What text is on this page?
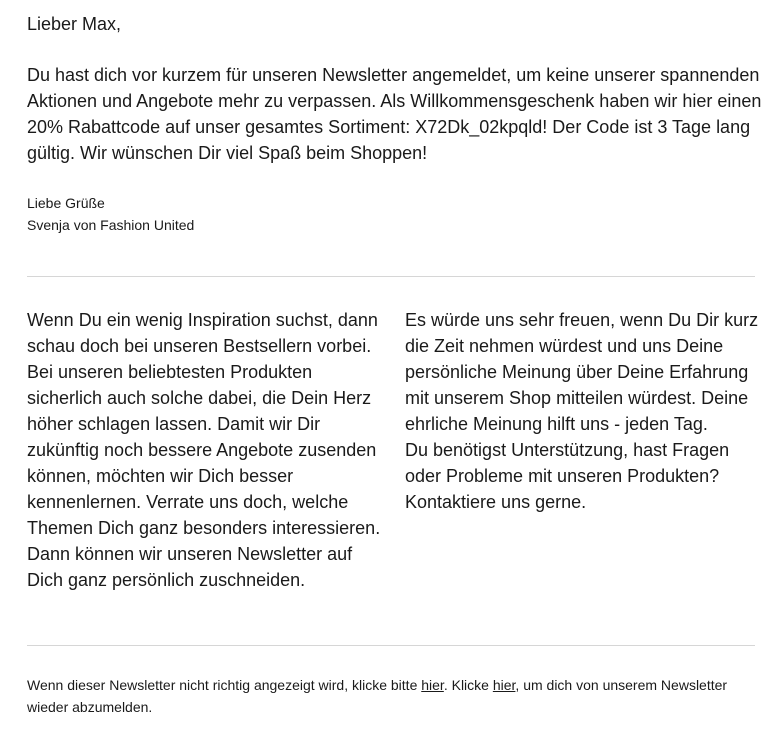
Lieber Max,

Du hast dich vor kurzem für unseren Newsletter angemeldet, um keine unserer spannenden Aktionen und Angebote mehr zu verpassen. Als Willkommensgeschenk haben wir hier einen 20% Rabattcode auf unser gesamtes Sortiment: X72Dk_02kpqld! Der Code ist 3 Tage lang gültig. Wir wünschen Dir viel Spaß beim Shoppen!

Liebe Grüße
Svenja von Fashion United

Wenn Du ein wenig Inspiration suchst, dann schau doch bei unseren Bestsellern vorbei. Bei unseren beliebtesten Produkten sicherlich auch solche dabei, die Dein Herz höher schlagen lassen. Damit wir Dir zukünftig noch bessere Angebote zusenden können, möchten wir Dich besser kennenlernen. Verrate uns doch, welche Themen Dich ganz besonders interessieren. Dann können wir unseren Newsletter auf Dich ganz persönlich zuschneiden.

Es würde uns sehr freuen, wenn Du Dir kurz die Zeit nehmen würdest und uns Deine persönliche Meinung über Deine Erfahrung mit unserem Shop mitteilen würdest. Deine ehrliche Meinung hilft uns - jeden Tag.

Du benötigst Unterstützung, hast Fragen oder Probleme mit unseren Produkten? Kontaktiere uns gerne.

Wenn dieser Newsletter nicht richtig angezeigt wird, klicke bitte hier. Klicke hier, um dich von unserem Newsletter wieder abzumelden.
